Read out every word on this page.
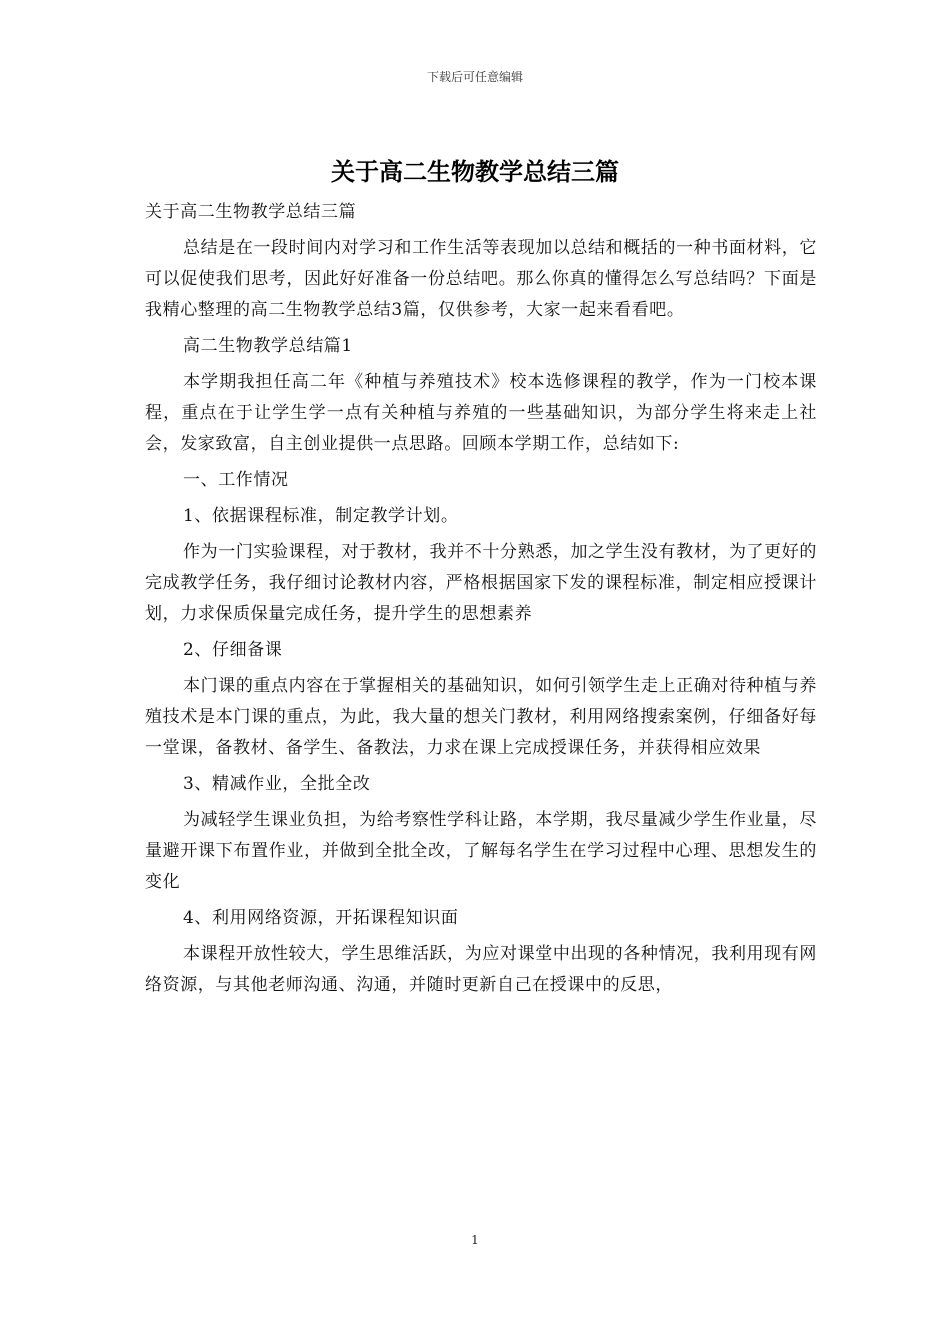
下载后可任意编辑
关于高二生物教学总结三篇

关于高二生物教学总结三篇

总结是在一段时间内对学习和工作生活等表现加以总结和概括的一种书面材料，它可以促使我们思考，因此好好准备一份总结吧。那么你真的懂得怎么写总结吗？下面是我精心整理的高二生物教学总结3篇，仅供参考，大家一起来看看吧。

高二生物教学总结篇1

本学期我担任高二年《种植与养殖技术》校本选修课程的教学，作为一门校本课程，重点在于让学生学一点有关种植与养殖的一些基础知识，为部分学生将来走上社会，发家致富，自主创业提供一点思路。回顾本学期工作，总结如下:

一、工作情况

1、依据课程标准，制定教学计划。

作为一门实验课程，对于教材，我并不十分熟悉，加之学生没有教材，为了更好的完成教学任务，我仔细讨论教材内容，严格根据国家下发的课程标准，制定相应授课计划，力求保质保量完成任务，提升学生的思想素养

2、仔细备课

本门课的重点内容在于掌握相关的基础知识，如何引领学生走上正确对待种植与养殖技术是本门课的重点，为此，我大量的想关门教材，利用网络搜索案例，仔细备好每一堂课，备教材、备学生、备教法，力求在课上完成授课任务，并获得相应效果

3、精减作业，全批全改

为减轻学生课业负担，为给考察性学科让路，本学期，我尽量减少学生作业量，尽量避开课下布置作业，并做到全批全改，了解每名学生在学习过程中心理、思想发生的变化

4、利用网络资源，开拓课程知识面

本课程开放性较大，学生思维活跃，为应对课堂中出现的各种情况，我利用现有网络资源，与其他老师沟通、沟通，并随时更新自己在授课中的反思，

1
